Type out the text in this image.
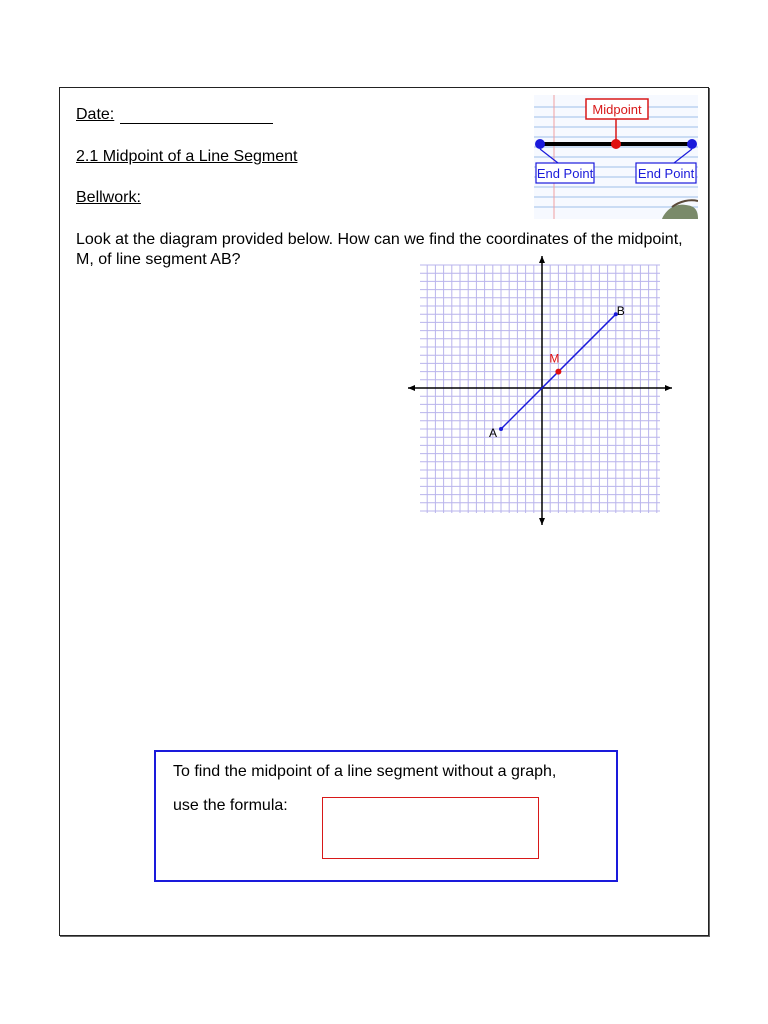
Date:
2.1 Midpoint of a Line Segment
Bellwork:
Look at the diagram provided below. How can we find the coordinates of the midpoint, M, of line segment AB?
Midpoint
End Point	End Point
A
B
M
To find the midpoint of a line segment without a graph,
use the formula:
